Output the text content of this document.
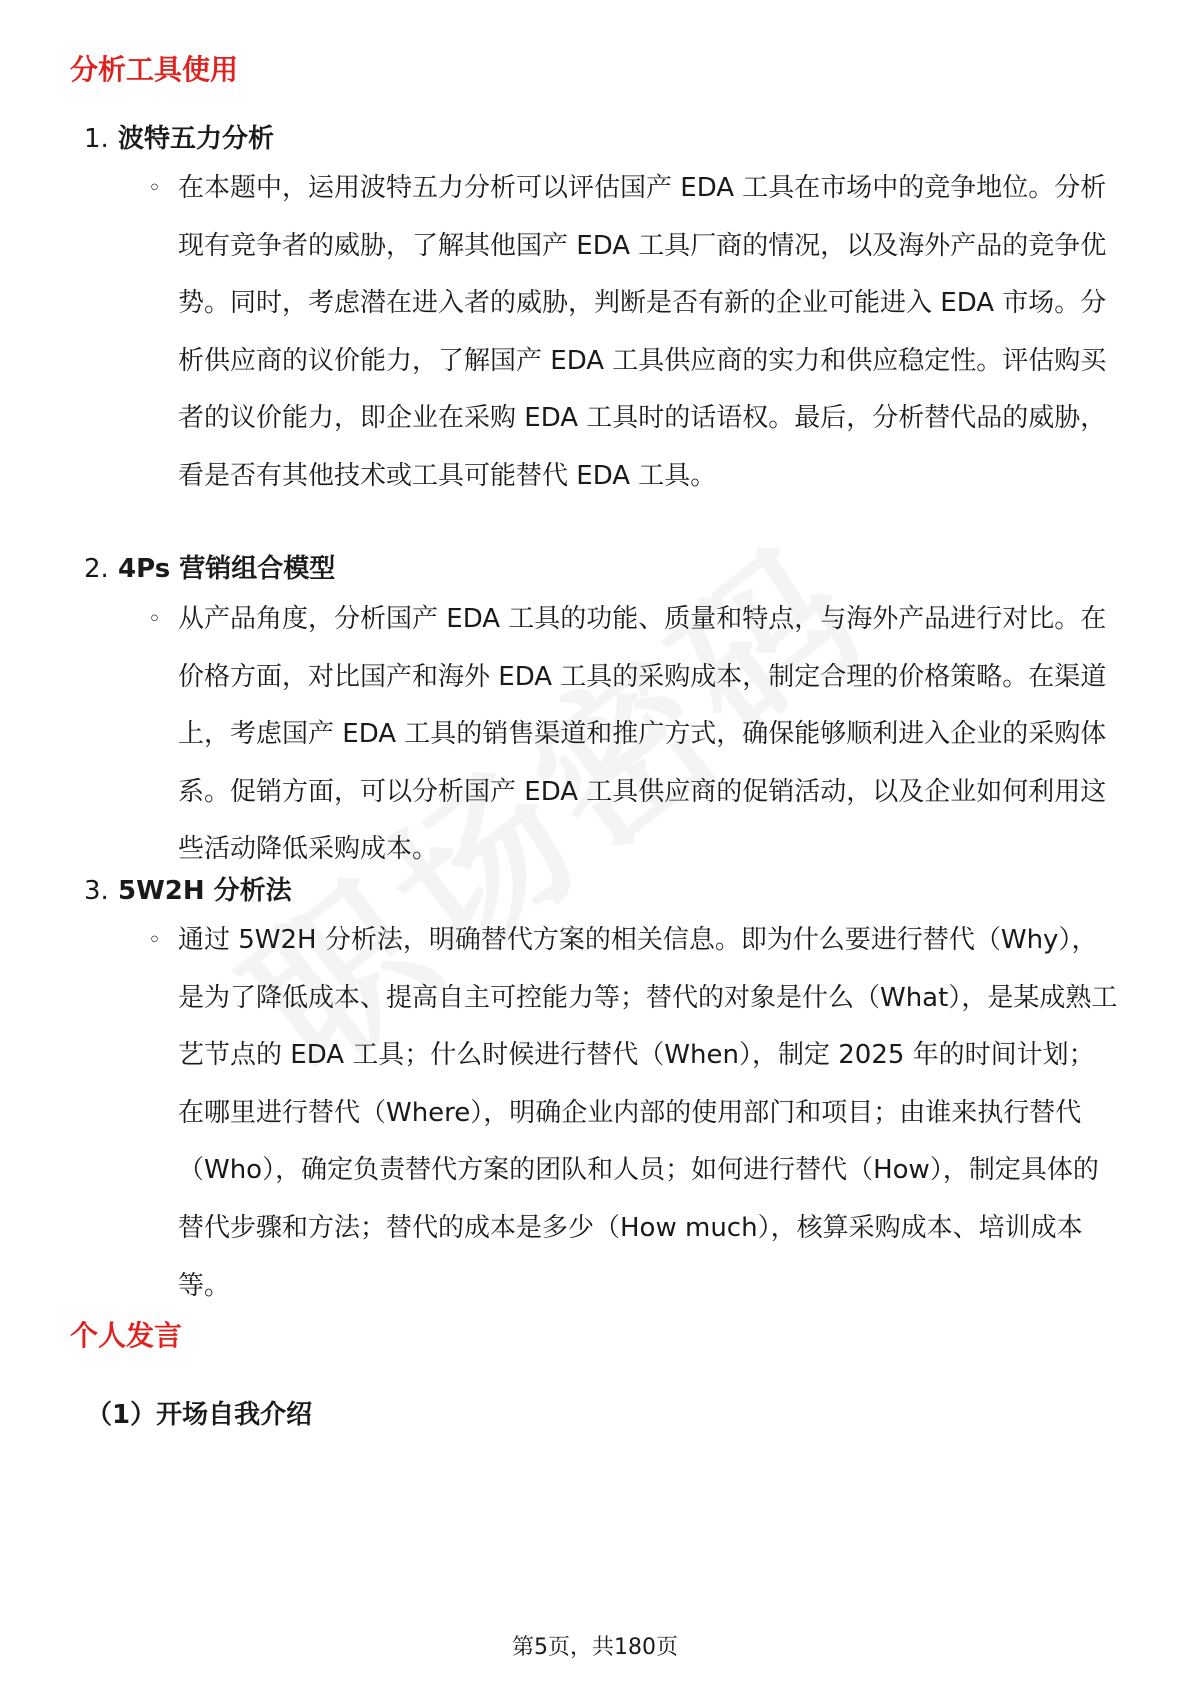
分析工具使用
1. 波特五力分析
◦ 在本题中，运用波特五力分析可以评估国产 EDA 工具在市场中的竞争地位。分析现有竞争者的威胁，了解其他国产 EDA 工具厂商的情况，以及海外产品的竞争优势。同时，考虑潜在进入者的威胁，判断是否有新的企业可能进入 EDA 市场。分析供应商的议价能力，了解国产 EDA 工具供应商的实力和供应稳定性。评估购买者的议价能力，即企业在采购 EDA 工具时的话语权。最后，分析替代品的威胁，看是否有其他技术或工具可能替代 EDA 工具。
2. 4Ps 营销组合模型
◦ 从产品角度，分析国产 EDA 工具的功能、质量和特点，与海外产品进行对比。在价格方面，对比国产和海外 EDA 工具的采购成本，制定合理的价格策略。在渠道上，考虑国产 EDA 工具的销售渠道和推广方式，确保能够顺利进入企业的采购体系。促销方面，可以分析国产 EDA 工具供应商的促销活动，以及企业如何利用这些活动降低采购成本。
3. 5W2H 分析法
◦ 通过 5W2H 分析法，明确替代方案的相关信息。即为什么要进行替代（Why），是为了降低成本、提高自主可控能力等；替代的对象是什么（What），是某成熟工艺节点的 EDA 工具；什么时候进行替代（When），制定 2025 年的时间计划；在哪里进行替代（Where），明确企业内部的使用部门和项目；由谁来执行替代（Who），确定负责替代方案的团队和人员；如何进行替代（How），制定具体的替代步骤和方法；替代的成本是多少（How much），核算采购成本、培训成本等。
个人发言
（1）开场自我介绍
第5页，共180页
